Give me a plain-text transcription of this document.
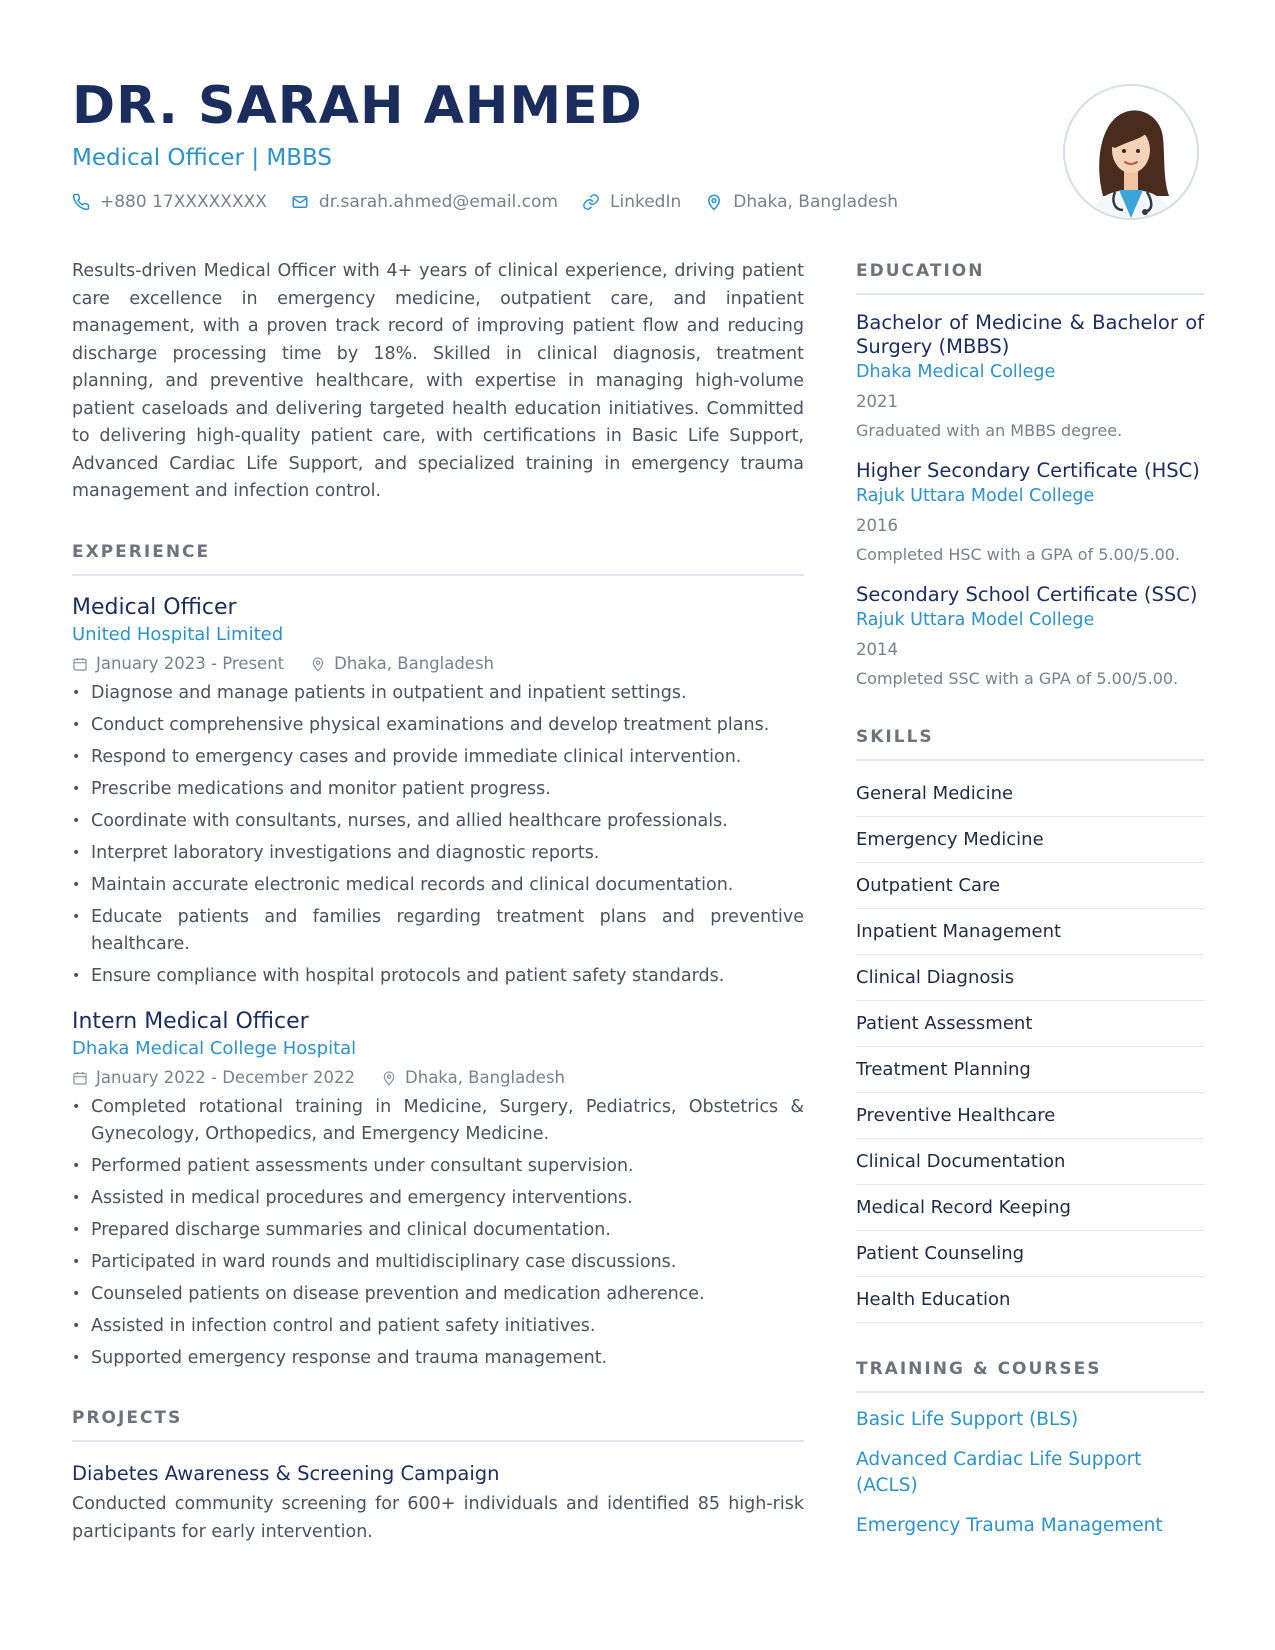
DR. SARAH AHMED
Medical Officer | MBBS
+880 17XXXXXXXX	dr.sarah.ahmed@email.com	LinkedIn	Dhaka, Bangladesh

Results-driven Medical Officer with 4+ years of clinical experience, driving patient care excellence in emergency medicine, outpatient care, and inpatient management, with a proven track record of improving patient flow and reducing discharge processing time by 18%. Skilled in clinical diagnosis, treatment planning, and preventive healthcare, with expertise in managing high-volume patient caseloads and delivering targeted health education initiatives. Committed to delivering high-quality patient care, with certifications in Basic Life Support, Advanced Cardiac Life Support, and specialized training in emergency trauma management and infection control.

EXPERIENCE
Medical Officer
United Hospital Limited
January 2023 - Present	Dhaka, Bangladesh
• Diagnose and manage patients in outpatient and inpatient settings.
• Conduct comprehensive physical examinations and develop treatment plans.
• Respond to emergency cases and provide immediate clinical intervention.
• Prescribe medications and monitor patient progress.
• Coordinate with consultants, nurses, and allied healthcare professionals.
• Interpret laboratory investigations and diagnostic reports.
• Maintain accurate electronic medical records and clinical documentation.
• Educate patients and families regarding treatment plans and preventive healthcare.
• Ensure compliance with hospital protocols and patient safety standards.
Intern Medical Officer
Dhaka Medical College Hospital
January 2022 - December 2022	Dhaka, Bangladesh
• Completed rotational training in Medicine, Surgery, Pediatrics, Obstetrics & Gynecology, Orthopedics, and Emergency Medicine.
• Performed patient assessments under consultant supervision.
• Assisted in medical procedures and emergency interventions.
• Prepared discharge summaries and clinical documentation.
• Participated in ward rounds and multidisciplinary case discussions.
• Counseled patients on disease prevention and medication adherence.
• Assisted in infection control and patient safety initiatives.
• Supported emergency response and trauma management.
PROJECTS
Diabetes Awareness & Screening Campaign
Conducted community screening for 600+ individuals and identified 85 high-risk participants for early intervention.
EDUCATION
Bachelor of Medicine & Bachelor of Surgery (MBBS)
Dhaka Medical College
2021
Graduated with an MBBS degree.
Higher Secondary Certificate (HSC)
Rajuk Uttara Model College
2016
Completed HSC with a GPA of 5.00/5.00.
Secondary School Certificate (SSC)
Rajuk Uttara Model College
2014
Completed SSC with a GPA of 5.00/5.00.
SKILLS
General Medicine
Emergency Medicine
Outpatient Care
Inpatient Management
Clinical Diagnosis
Patient Assessment
Treatment Planning
Preventive Healthcare
Clinical Documentation
Medical Record Keeping
Patient Counseling
Health Education
TRAINING & COURSES
Basic Life Support (BLS)
Advanced Cardiac Life Support (ACLS)
Emergency Trauma Management
